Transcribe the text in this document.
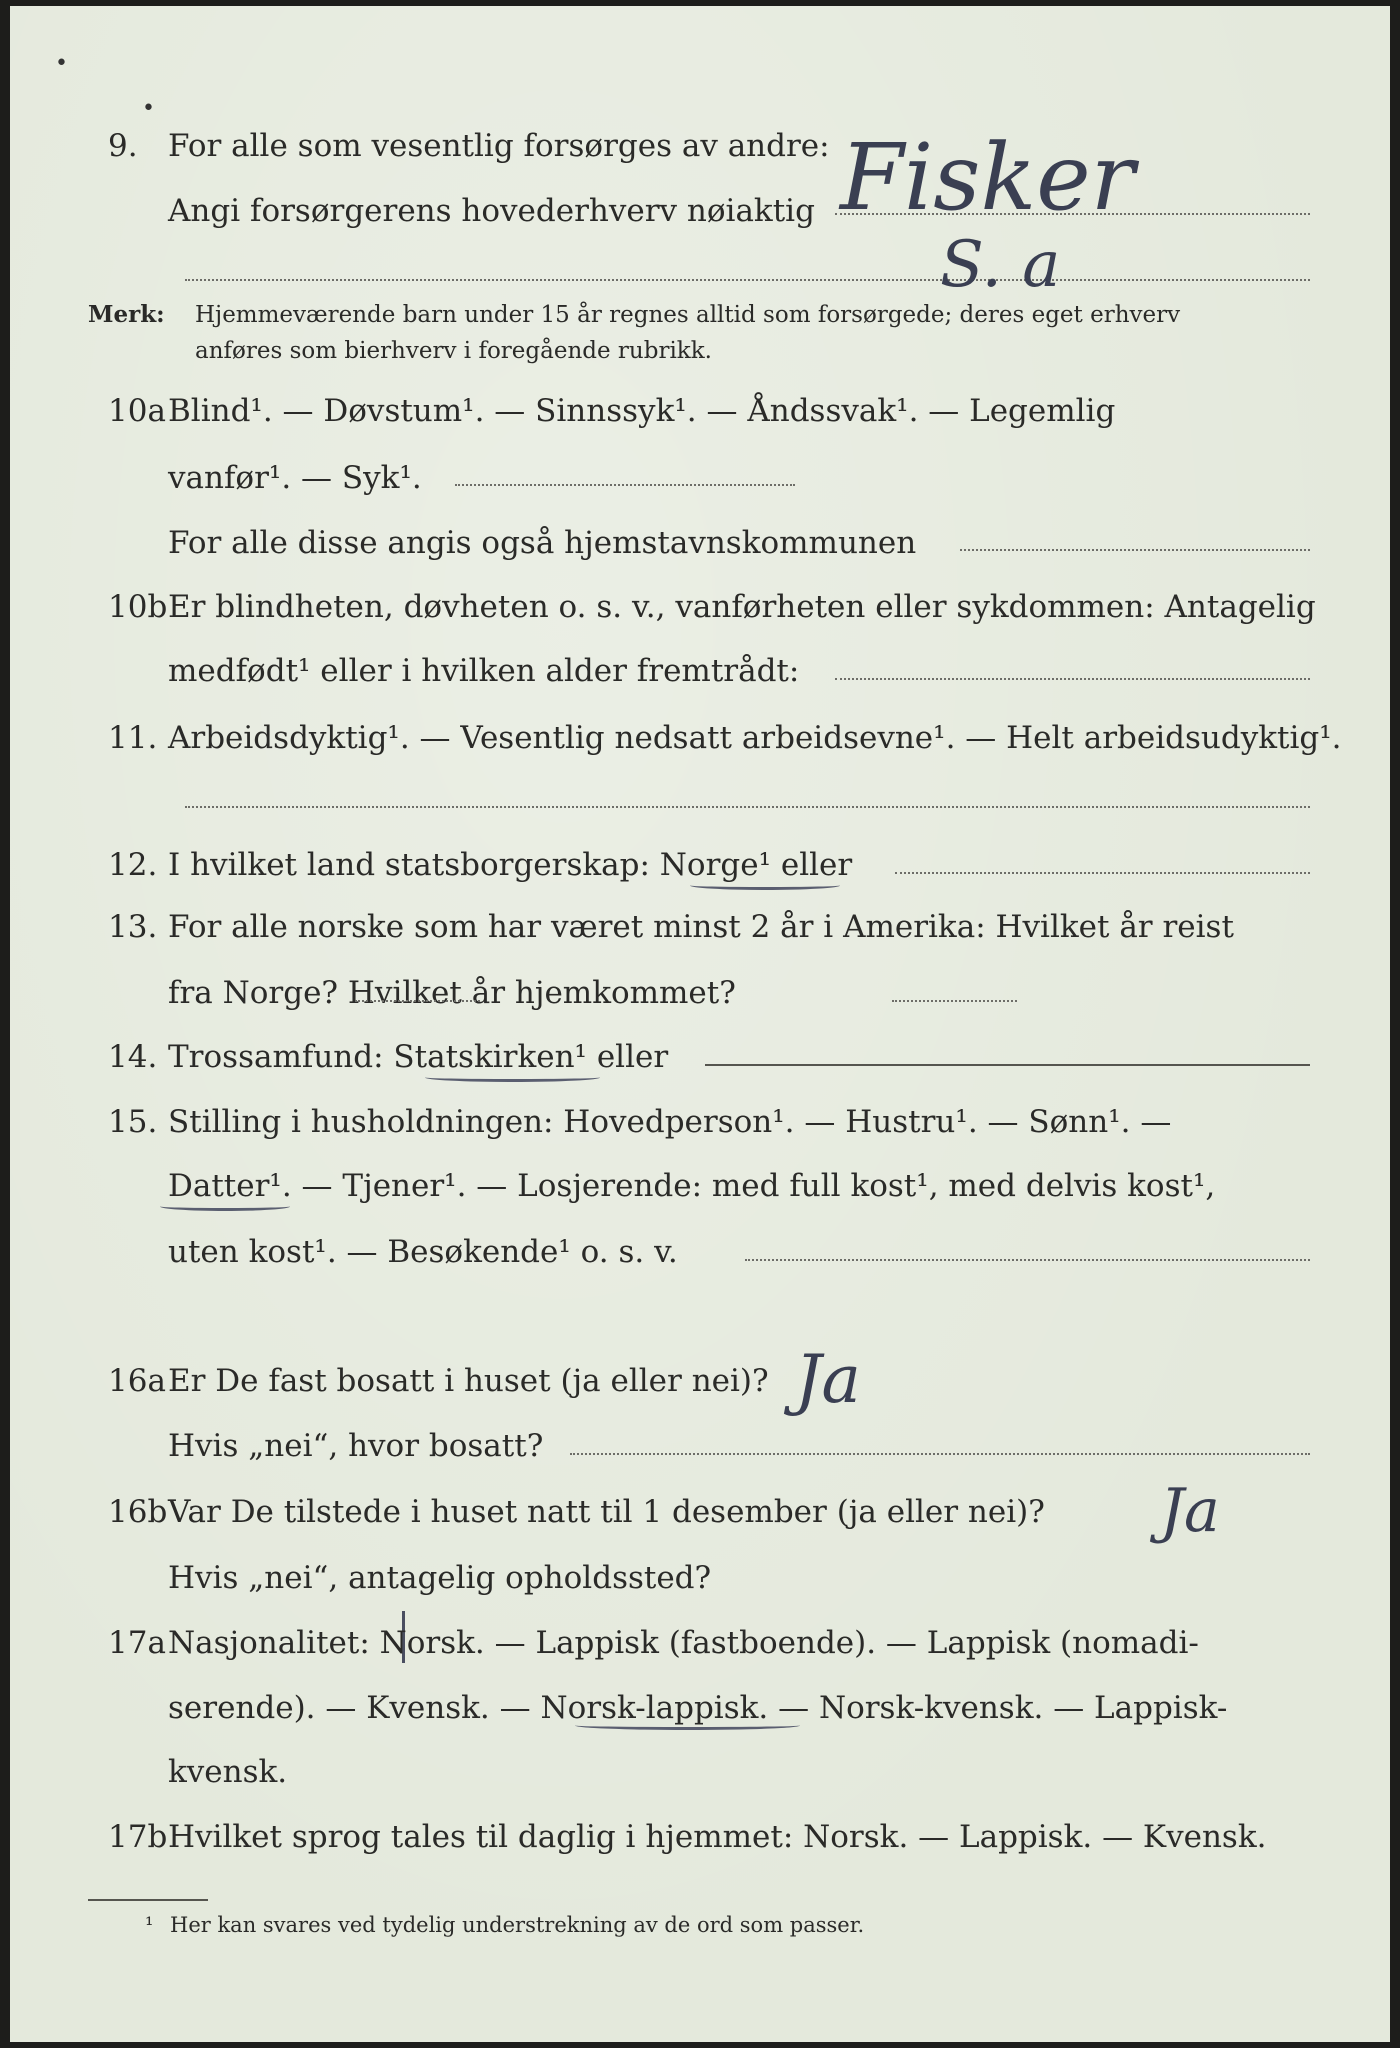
•
•
9. For alle som vesentlig forsørges av andre:
Angi forsørgerens hovederhverv nøiaktig Fisker
S. a
Merk: Hjemmeværende barn under 15 år regnes alltid som forsørgede; deres eget erhverv
anføres som bierhverv i foregående rubrikk.
10a Blind¹. — Døvstum¹. — Sinnssyk¹. — Åndssvak¹. — Legemlig
vanfør¹. — Syk¹.
For alle disse angis også hjemstavnskommunen
10b Er blindheten, døvheten o. s. v., vanførheten eller sykdommen: Antagelig
medfødt¹ eller i hvilken alder fremtrådt:
11. Arbeidsdyktig¹. — Vesentlig nedsatt arbeidsevne¹. — Helt arbeidsudyktig¹.
12. I hvilket land statsborgerskap: Norge¹ eller
13. For alle norske som har været minst 2 år i Amerika: Hvilket år reist
fra Norge? Hvilket år hjemkommet?
14. Trossamfund: Statskirken¹ eller
15. Stilling i husholdningen: Hovedperson¹. — Hustru¹. — Sønn¹. —
Datter¹. — Tjener¹. — Losjerende: med full kost¹, med delvis kost¹,
uten kost¹. — Besøkende¹ o. s. v.
16a Er De fast bosatt i huset (ja eller nei)? Ja
Hvis „nei“, hvor bosatt?
16b Var De tilstede i huset natt til 1 desember (ja eller nei)? Ja
Hvis „nei“, antagelig opholdssted?
17a Nasjonalitet: Norsk. — Lappisk (fastboende). — Lappisk (nomadi-
serende). — Kvensk. — Norsk-lappisk. — Norsk-kvensk. — Lappisk-
kvensk.
17b Hvilket sprog tales til daglig i hjemmet: Norsk. — Lappisk. — Kvensk.
¹ Her kan svares ved tydelig understrekning av de ord som passer.
